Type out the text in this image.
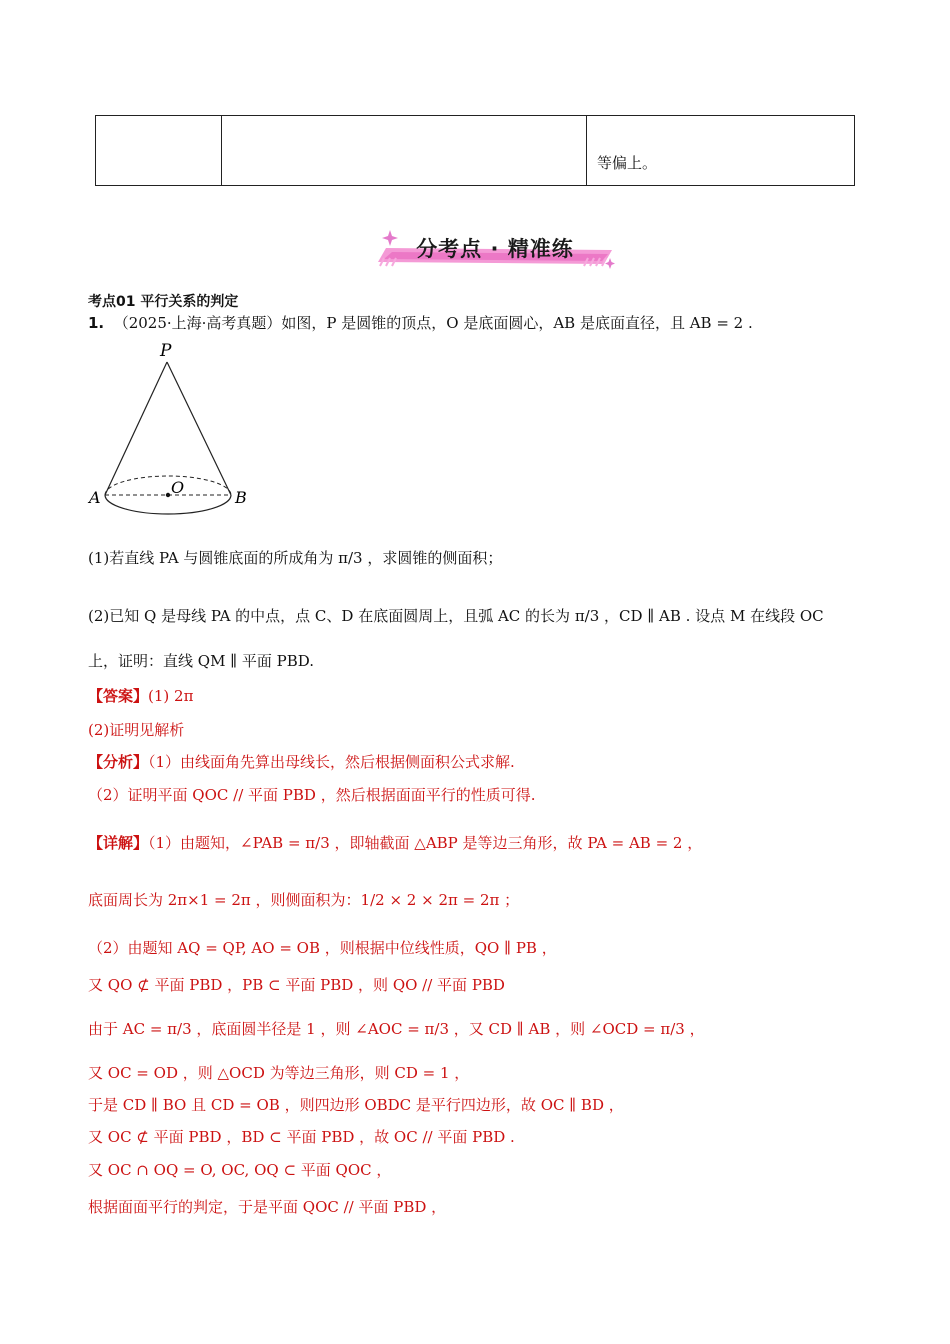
		等偏上。
分考点 · 精准练
考点01 平行关系的判定
1. （2025·上海·高考真题）如图，P 是圆锥的顶点，O 是底面圆心，AB 是底面直径，且 AB = 2 .
P
O
A	B
(1)若直线 PA 与圆锥底面的所成角为 π/3 ，求圆锥的侧面积；
(2)已知 Q 是母线 PA 的中点，点 C、D 在底面圆周上，且弧 AC 的长为 π/3 ，CD ∥ AB . 设点 M 在线段 OC
上，证明：直线 QM ∥ 平面 PBD.
【答案】(1) 2π
(2)证明见解析
【分析】（1）由线面角先算出母线长，然后根据侧面积公式求解.
（2）证明平面 QOC // 平面 PBD ，然后根据面面平行的性质可得.
【详解】（1）由题知，∠PAB = π/3 ，即轴截面 △ABP 是等边三角形，故 PA = AB = 2 ，
底面周长为 2π×1 = 2π ，则侧面积为：1/2 × 2 × 2π = 2π ；
（2）由题知 AQ = QP, AO = OB ，则根据中位线性质，QO ∥ PB ，
又 QO ⊄ 平面 PBD ，PB ⊂ 平面 PBD ，则 QO // 平面 PBD
由于 AC = π/3 ，底面圆半径是 1 ，则 ∠AOC = π/3 ，又 CD ∥ AB ，则 ∠OCD = π/3 ，
又 OC = OD ，则 △OCD 为等边三角形，则 CD = 1 ，
于是 CD ∥ BO 且 CD = OB ，则四边形 OBDC 是平行四边形，故 OC ∥ BD ，
又 OC ⊄ 平面 PBD ，BD ⊂ 平面 PBD ，故 OC // 平面 PBD .
又 OC ∩ OQ = O, OC, OQ ⊂ 平面 QOC ，
根据面面平行的判定，于是平面 QOC // 平面 PBD ，
